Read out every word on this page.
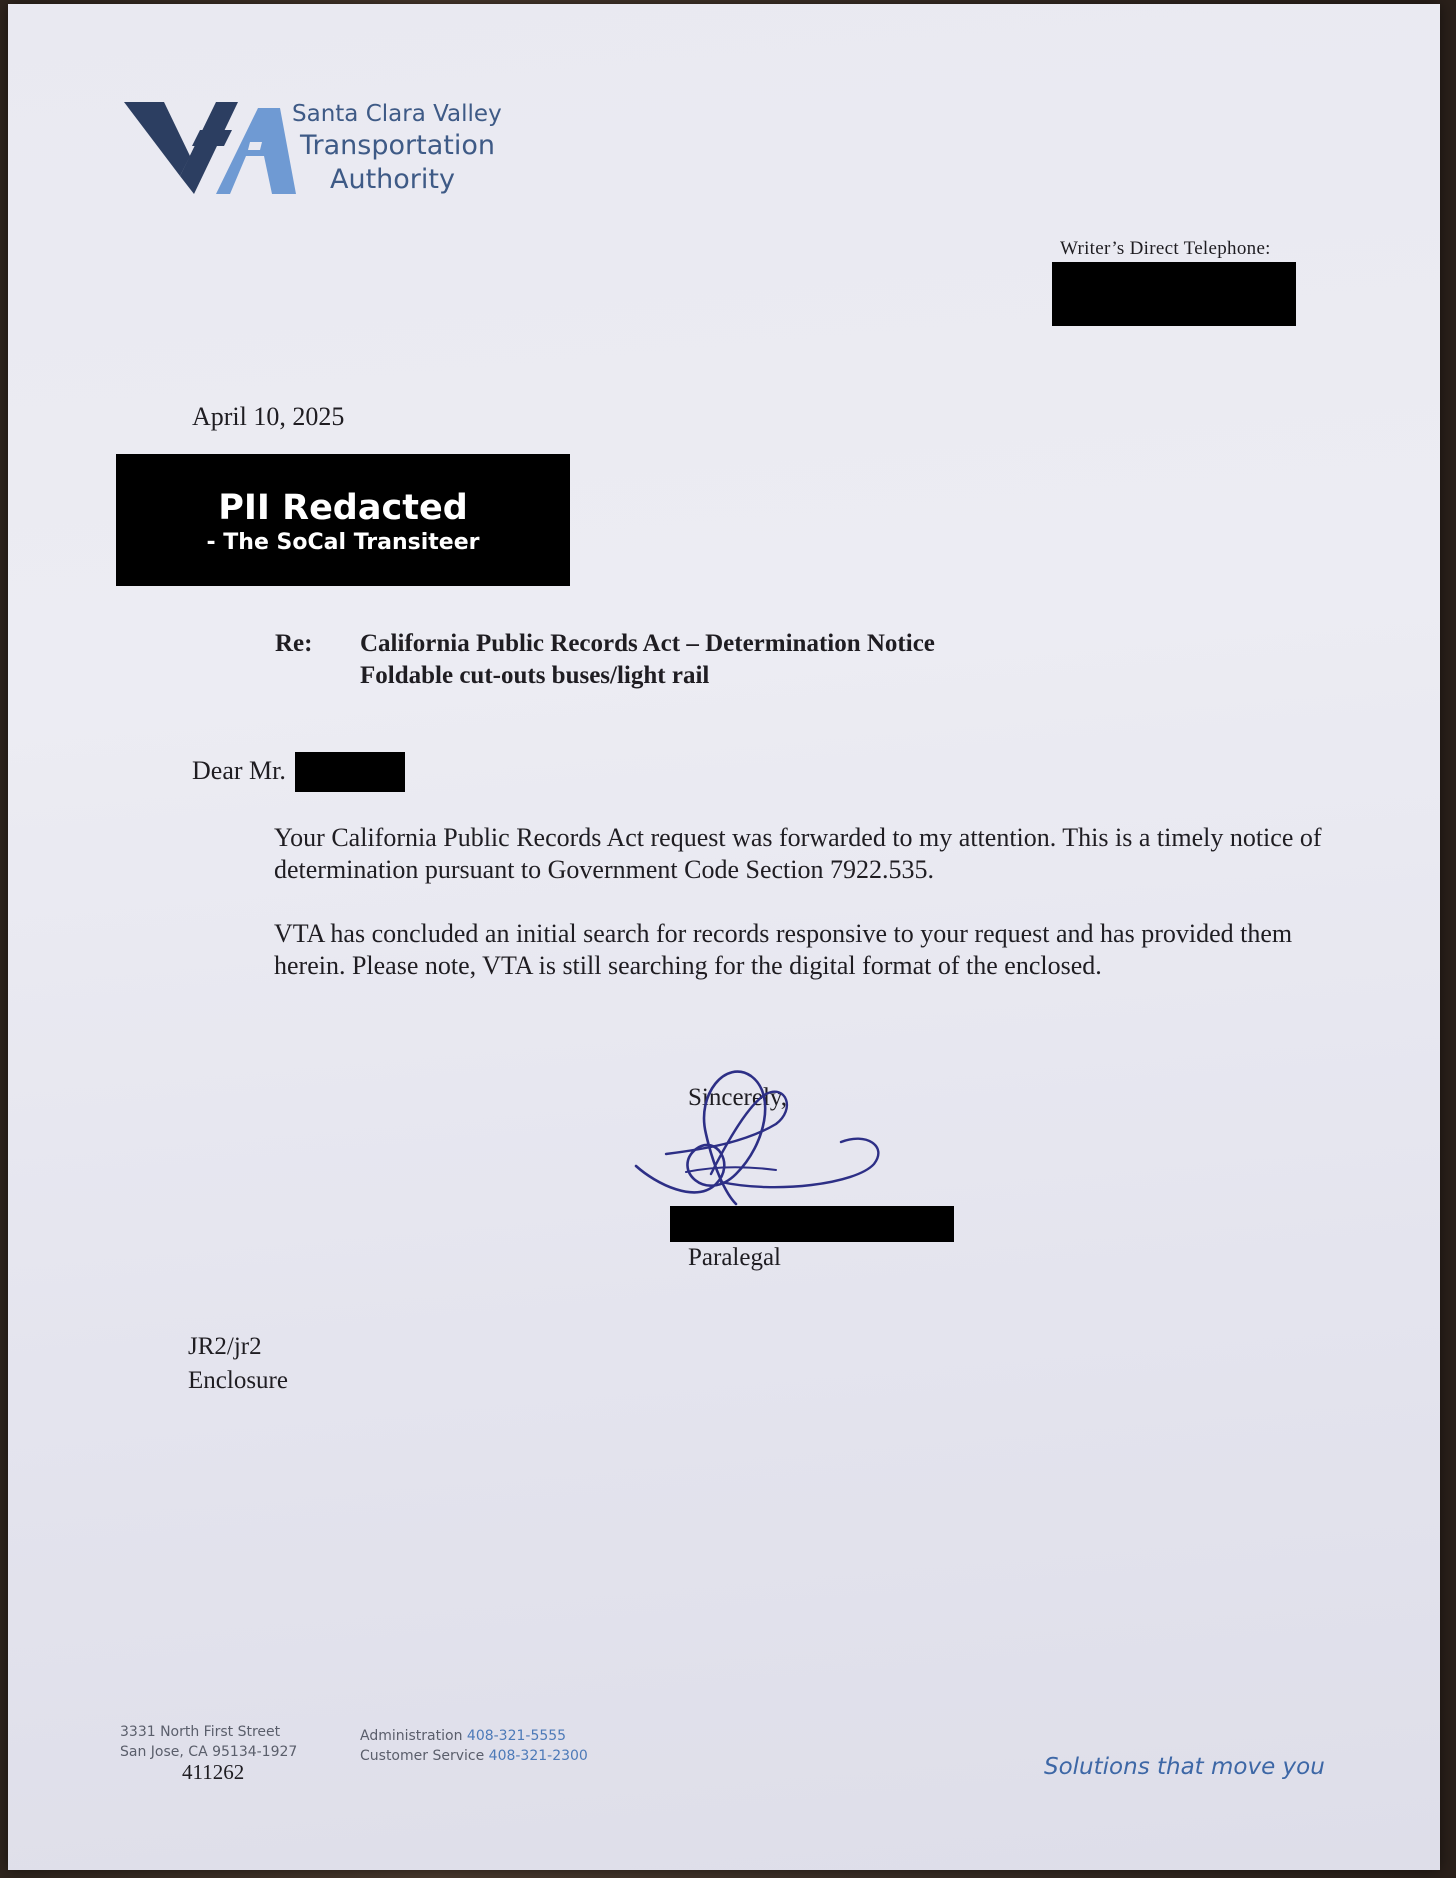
Santa Clara Valley
Transportation
Authority
Writer’s Direct Telephone:
April 10, 2025
PII Redacted
- The SoCal Transiteer
Re: California Public Records Act – Determination Notice
Foldable cut-outs buses/light rail
Dear Mr.
Your California Public Records Act request was forwarded to my attention. This is a timely notice of determination pursuant to Government Code Section 7922.535.
VTA has concluded an initial search for records responsive to your request and has provided them herein. Please note, VTA is still searching for the digital format of the enclosed.
Sincerely,
Paralegal
JR2/jr2
Enclosure
3331 North First Street
San Jose, CA 95134-1927
Administration 408-321-5555
Customer Service 408-321-2300
411262	Solutions that move you
